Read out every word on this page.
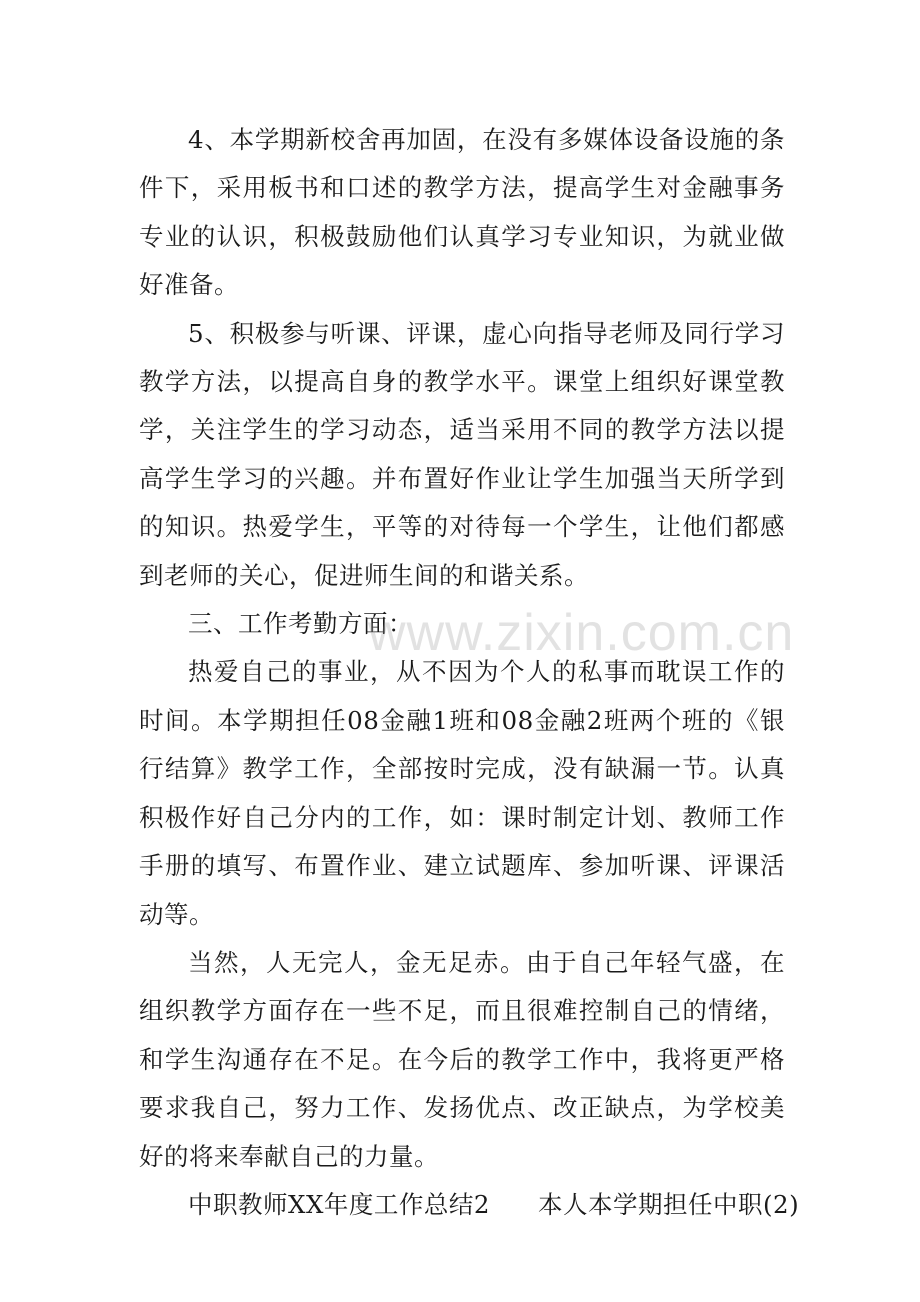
4、本学期新校舍再加固，在没有多媒体设备设施的条件下，采用板书和口述的教学方法，提高学生对金融事务专业的认识，积极鼓励他们认真学习专业知识，为就业做好准备。

5、积极参与听课、评课，虚心向指导老师及同行学习教学方法，以提高自身的教学水平。课堂上组织好课堂教学，关注学生的学习动态，适当采用不同的教学方法以提高学生学习的兴趣。并布置好作业让学生加强当天所学到的知识。热爱学生，平等的对待每一个学生，让他们都感到老师的关心，促进师生间的和谐关系。

三、工作考勤方面：

热爱自己的事业，从不因为个人的私事而耽误工作的时间。本学期担任08金融1班和08金融2班两个班的《银行结算》教学工作，全部按时完成，没有缺漏一节。认真积极作好自己分内的工作，如：课时制定计划、教师工作手册的填写、布置作业、建立试题库、参加听课、评课活动等。

当然，人无完人，金无足赤。由于自己年轻气盛，在组织教学方面存在一些不足，而且很难控制自己的情绪，和学生沟通存在不足。在今后的教学工作中，我将更严格要求我自己，努力工作、发扬优点、改正缺点，为学校美好的将来奉献自己的力量。

中职教师XX年度工作总结2 本人本学期担任中职(2)

www.zixin.com.cn
